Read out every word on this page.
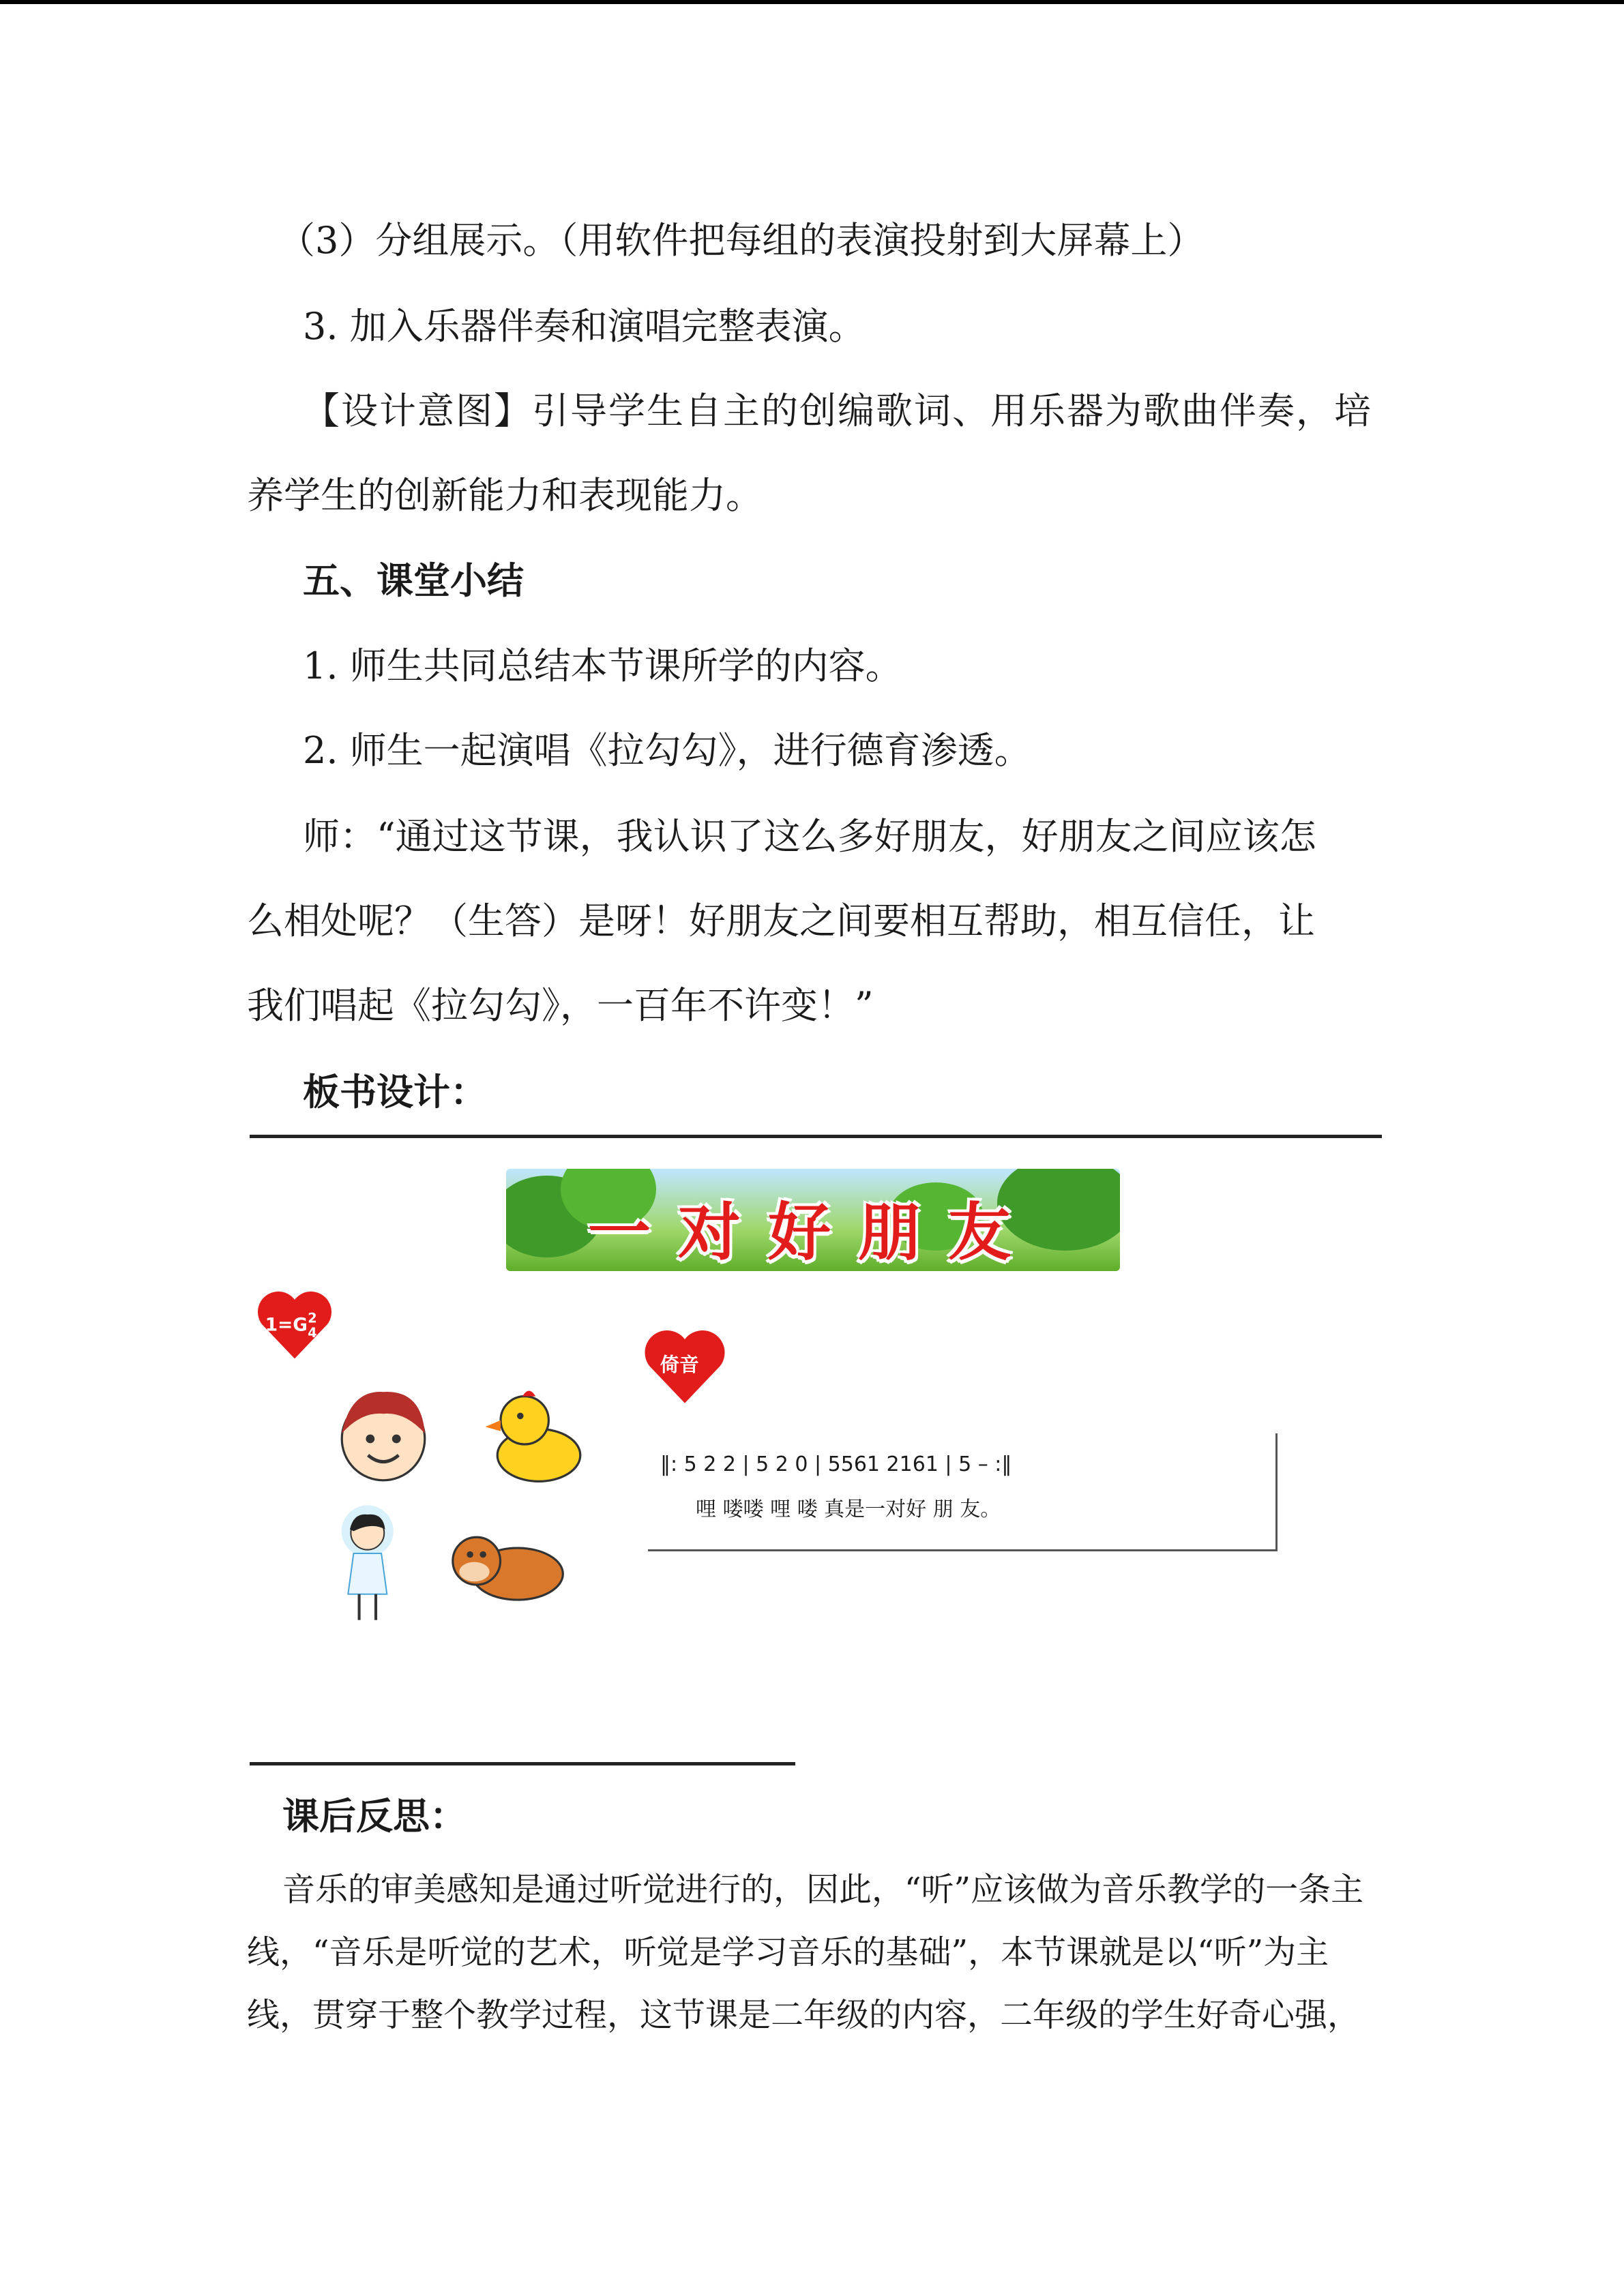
（3）分组展示。（用软件把每组的表演投射到大屏幕上）
3. 加入乐器伴奏和演唱完整表演。
【设计意图】引导学生自主的创编歌词、用乐器为歌曲伴奏，培
养学生的创新能力和表现能力。
五、课堂小结
1. 师生共同总结本节课所学的内容。
2. 师生一起演唱《拉勾勾》，进行德育渗透。
师：“通过这节课，我认识了这么多好朋友，好朋友之间应该怎
么相处呢？（生答）是呀！好朋友之间要相互帮助，相互信任，让
我们唱起《拉勾勾》，一百年不许变！”
板书设计：
一对好朋友
1=G 2
4
倚音
‖: 5 2 2 | 5 2 0 | 5561 2161 | 5 – :‖
哩 喽喽 哩 喽 真是一对好 朋 友。
课后反思：
音乐的审美感知是通过听觉进行的，因此，“听”应该做为音乐教学的一条主
线，“音乐是听觉的艺术，听觉是学习音乐的基础”，本节课就是以“听”为主
线，贯穿于整个教学过程，这节课是二年级的内容，二年级的学生好奇心强，
